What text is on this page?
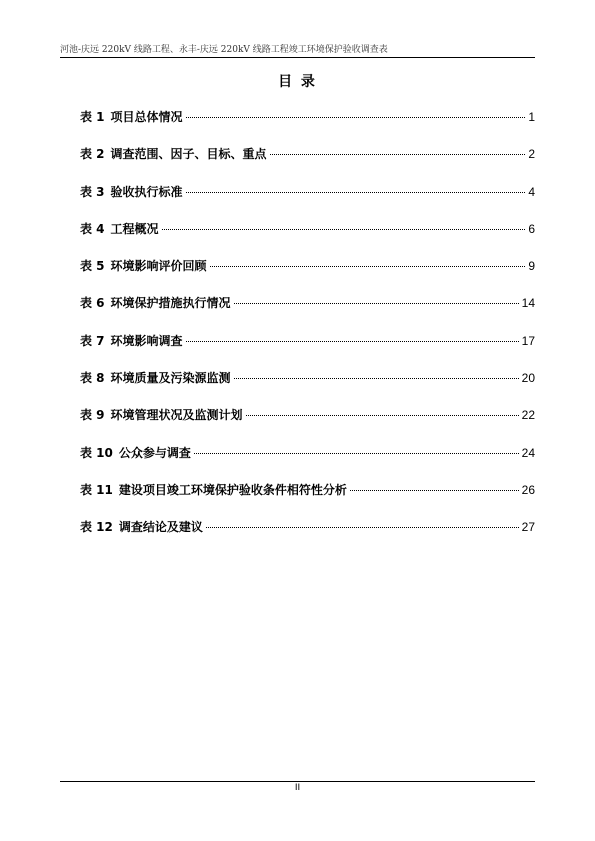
河池-庆远 220kV 线路工程、永丰-庆远 220kV 线路工程竣工环境保护验收调查表
目 录
表 1 项目总体情况	1
表 2 调查范围、因子、目标、重点	2
表 3 验收执行标准	4
表 4 工程概况	6
表 5 环境影响评价回顾	9
表 6 环境保护措施执行情况	14
表 7 环境影响调查	17
表 8 环境质量及污染源监测	20
表 9 环境管理状况及监测计划	22
表 10 公众参与调查	24
表 11 建设项目竣工环境保护验收条件相符性分析	26
表 12 调查结论及建议	27
II
